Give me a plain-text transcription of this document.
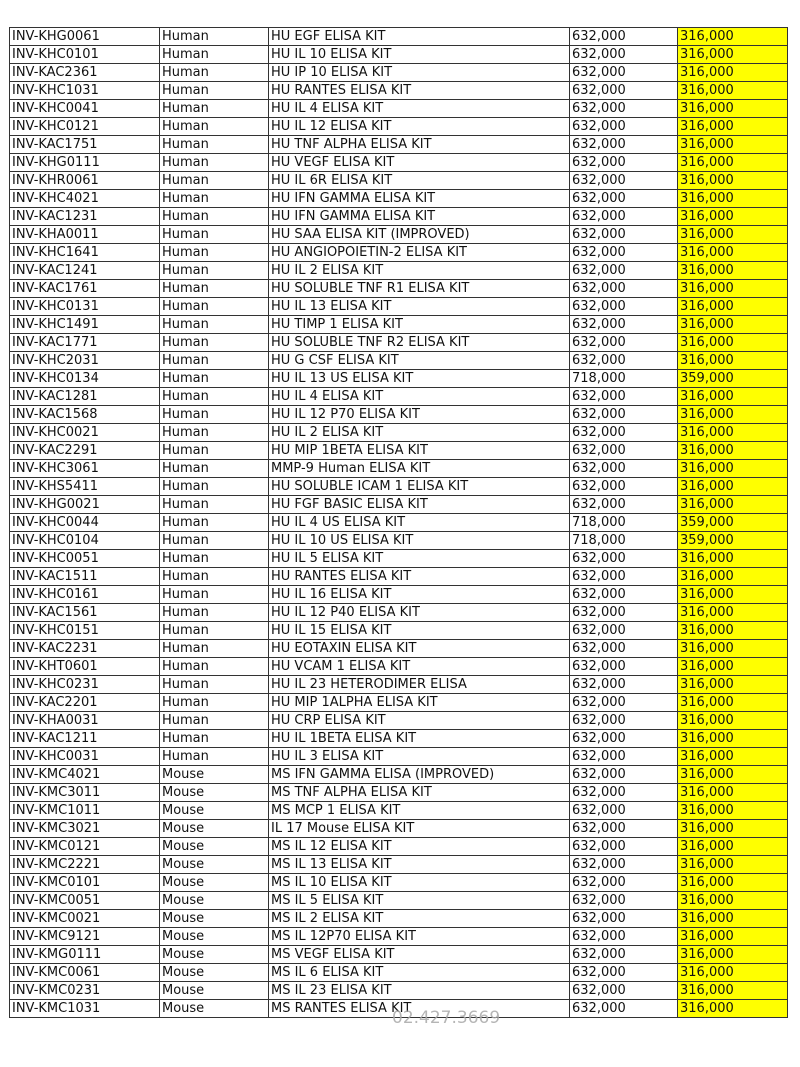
INV-KHG0061	Human	HU EGF ELISA KIT	632,000	316,000
INV-KHC0101	Human	HU IL 10 ELISA KIT	632,000	316,000
INV-KAC2361	Human	HU IP 10 ELISA KIT	632,000	316,000
INV-KHC1031	Human	HU RANTES ELISA KIT	632,000	316,000
INV-KHC0041	Human	HU IL 4 ELISA KIT	632,000	316,000
INV-KHC0121	Human	HU IL 12 ELISA KIT	632,000	316,000
INV-KAC1751	Human	HU TNF ALPHA ELISA KIT	632,000	316,000
INV-KHG0111	Human	HU VEGF ELISA KIT	632,000	316,000
INV-KHR0061	Human	HU IL 6R ELISA KIT	632,000	316,000
INV-KHC4021	Human	HU IFN GAMMA ELISA KIT	632,000	316,000
INV-KAC1231	Human	HU IFN GAMMA ELISA KIT	632,000	316,000
INV-KHA0011	Human	HU SAA ELISA KIT (IMPROVED)	632,000	316,000
INV-KHC1641	Human	HU ANGIOPOIETIN-2 ELISA KIT	632,000	316,000
INV-KAC1241	Human	HU IL 2 ELISA KIT	632,000	316,000
INV-KAC1761	Human	HU SOLUBLE TNF R1 ELISA KIT	632,000	316,000
INV-KHC0131	Human	HU IL 13 ELISA KIT	632,000	316,000
INV-KHC1491	Human	HU TIMP 1 ELISA KIT	632,000	316,000
INV-KAC1771	Human	HU SOLUBLE TNF R2 ELISA KIT	632,000	316,000
INV-KHC2031	Human	HU G CSF ELISA KIT	632,000	316,000
INV-KHC0134	Human	HU IL 13 US ELISA KIT	718,000	359,000
INV-KAC1281	Human	HU IL 4 ELISA KIT	632,000	316,000
INV-KAC1568	Human	HU IL 12 P70 ELISA KIT	632,000	316,000
INV-KHC0021	Human	HU IL 2 ELISA KIT	632,000	316,000
INV-KAC2291	Human	HU MIP 1BETA ELISA KIT	632,000	316,000
INV-KHC3061	Human	MMP-9 Human ELISA KIT	632,000	316,000
INV-KHS5411	Human	HU SOLUBLE ICAM 1 ELISA KIT	632,000	316,000
INV-KHG0021	Human	HU FGF BASIC ELISA KIT	632,000	316,000
INV-KHC0044	Human	HU IL 4 US ELISA KIT	718,000	359,000
INV-KHC0104	Human	HU IL 10 US ELISA KIT	718,000	359,000
INV-KHC0051	Human	HU IL 5 ELISA KIT	632,000	316,000
INV-KAC1511	Human	HU RANTES ELISA KIT	632,000	316,000
INV-KHC0161	Human	HU IL 16 ELISA KIT	632,000	316,000
INV-KAC1561	Human	HU IL 12 P40 ELISA KIT	632,000	316,000
INV-KHC0151	Human	HU IL 15 ELISA KIT	632,000	316,000
INV-KAC2231	Human	HU EOTAXIN ELISA KIT	632,000	316,000
INV-KHT0601	Human	HU VCAM 1 ELISA KIT	632,000	316,000
INV-KHC0231	Human	HU IL 23 HETERODIMER ELISA	632,000	316,000
INV-KAC2201	Human	HU MIP 1ALPHA ELISA KIT	632,000	316,000
INV-KHA0031	Human	HU CRP ELISA KIT	632,000	316,000
INV-KAC1211	Human	HU IL 1BETA ELISA KIT	632,000	316,000
INV-KHC0031	Human	HU IL 3 ELISA KIT	632,000	316,000
INV-KMC4021	Mouse	MS IFN GAMMA ELISA (IMPROVED)	632,000	316,000
INV-KMC3011	Mouse	MS TNF ALPHA ELISA KIT	632,000	316,000
INV-KMC1011	Mouse	MS MCP 1 ELISA KIT	632,000	316,000
INV-KMC3021	Mouse	IL 17 Mouse ELISA KIT	632,000	316,000
INV-KMC0121	Mouse	MS IL 12 ELISA KIT	632,000	316,000
INV-KMC2221	Mouse	MS IL 13 ELISA KIT	632,000	316,000
INV-KMC0101	Mouse	MS IL 10 ELISA KIT	632,000	316,000
INV-KMC0051	Mouse	MS IL 5 ELISA KIT	632,000	316,000
INV-KMC0021	Mouse	MS IL 2 ELISA KIT	632,000	316,000
INV-KMC9121	Mouse	MS IL 12P70 ELISA KIT	632,000	316,000
INV-KMG0111	Mouse	MS VEGF ELISA KIT	632,000	316,000
INV-KMC0061	Mouse	MS IL 6 ELISA KIT	632,000	316,000
INV-KMC0231	Mouse	MS IL 23 ELISA KIT	632,000	316,000
INV-KMC1031	Mouse	MS RANTES ELISA KIT	632,000	316,000
02.427.3669
